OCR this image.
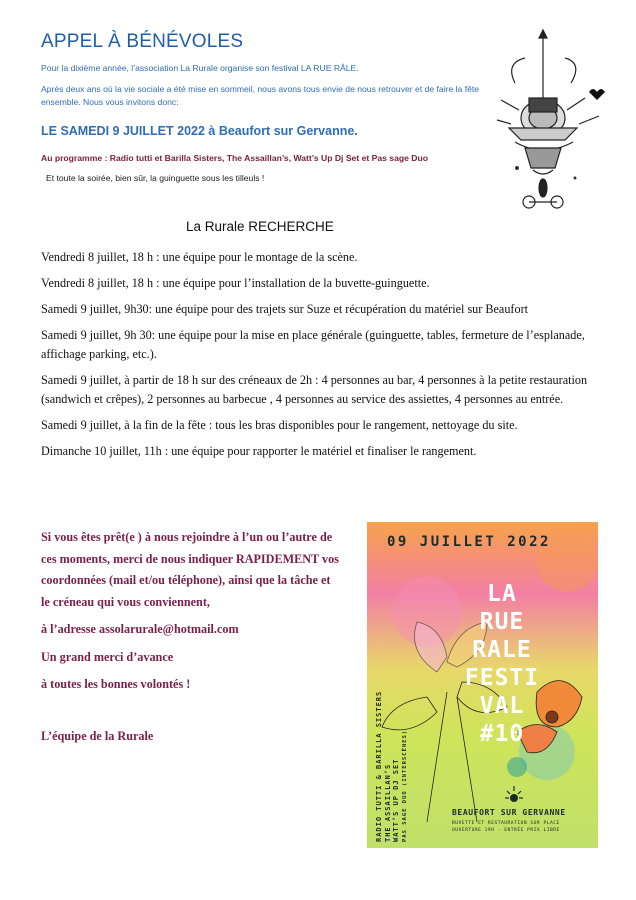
APPEL À BÉNÉVOLES
Pour la dixième année, l’association La Rurale organise son festival LA RUE RÂLE.
Après deux ans où la vie sociale a été mise en sommeil, nous avons tous envie de nous retrouver et de faire la fête ensemble. Nous vous invitons donc:
LE SAMEDI 9 JUILLET 2022 à Beaufort sur Gervanne.
Au programme : Radio tutti et Barilla Sisters, The Assaillan’s, Watt’s Up Dj Set et Pas sage Duo
Et toute la soirée, bien sûr, la guinguette sous les tilleuls !
La Rurale RECHERCHE

Vendredi 8 juillet, 18 h : une équipe pour le montage de la scène.

Vendredi 8 juillet, 18 h : une équipe pour l’installation de la buvette-guinguette.

Samedi 9 juillet, 9h30: une équipe pour des trajets sur Suze et récupération du matériel sur Beaufort

Samedi 9 juillet, 9h 30: une équipe pour la mise en place générale (guinguette, tables, fermeture de l’esplanade, affichage parking, etc.).

Samedi 9 juillet, à partir de 18 h sur des créneaux de 2h : 4 personnes au bar, 4 personnes à la petite restauration (sandwich et crêpes), 2 personnes au barbecue , 4 personnes au service des assiettes, 4 personnes au entrée.

Samedi 9 juillet, à la fin de la fête : tous les bras disponibles pour le rangement, nettoyage du site.

Dimanche 10 juillet, 11h : une équipe pour rapporter le matériel et finaliser le rangement.

Si vous êtes prêt(e ) à nous rejoindre à l’un ou l’autre de ces moments, merci de nous indiquer RAPIDEMENT vos coordonnées (mail et/ou téléphone), ainsi que la tâche et le créneau qui vous conviennent,

à l’adresse assolarurale@hotmail.com

Un grand merci d’avance

à toutes les bonnes volontés !

L’équipe de la Rurale

09 JUILLET 2022
LA
RUE
RALE
FESTI
VAL
#10
RADIO TUTTI & BARILLA SISTERS THE ASSAILLAN’S WATT’S UP DJ SET PAS SAGE DUO (INTERSCÈNES)	BEAUFORT SUR GERVANNE
BUVETTE ET RESTAURATION SUR PLACE
OUVERTURE 19H - ENTRÉE PRIX LIBRE
